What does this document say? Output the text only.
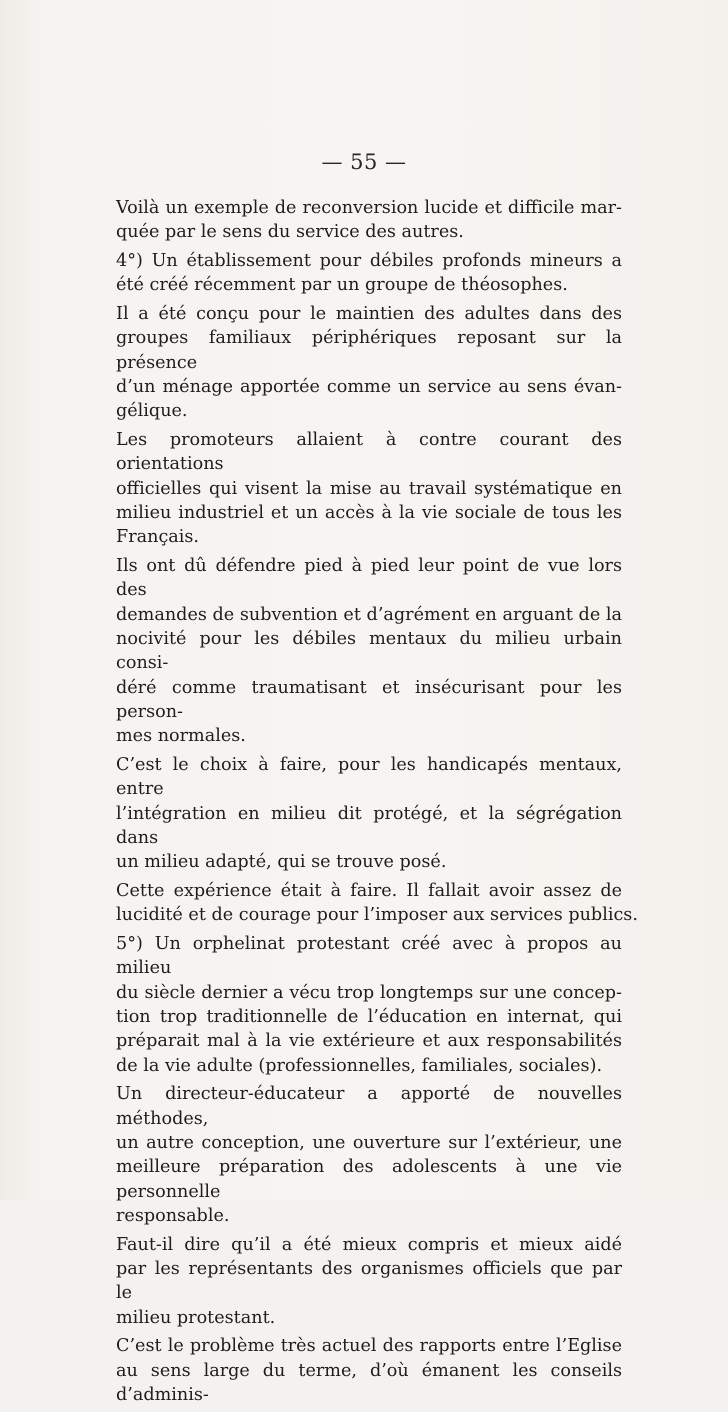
— 55 —

Voilà un exemple de reconversion lucide et difficile mar-
quée par le sens du service des autres.

4°) Un établissement pour débiles profonds mineurs a
été créé récemment par un groupe de théosophes.

Il a été conçu pour le maintien des adultes dans des
groupes familiaux périphériques reposant sur la présence
d’un ménage apportée comme un service au sens évan-
gélique.

Les promoteurs allaient à contre courant des orientations
officielles qui visent la mise au travail systématique en
milieu industriel et un accès à la vie sociale de tous les
Français.

Ils ont dû défendre pied à pied leur point de vue lors des
demandes de subvention et d’agrément en arguant de la
nocivité pour les débiles mentaux du milieu urbain consi-
déré comme traumatisant et insécurisant pour les person-
mes normales.

C’est le choix à faire, pour les handicapés mentaux, entre
l’intégration en milieu dit protégé, et la ségrégation dans
un milieu adapté, qui se trouve posé.

Cette expérience était à faire. Il fallait avoir assez de
lucidité et de courage pour l’imposer aux services publics.

5°) Un orphelinat protestant créé avec à propos au milieu
du siècle dernier a vécu trop longtemps sur une concep-
tion trop traditionnelle de l’éducation en internat, qui
préparait mal à la vie extérieure et aux responsabilités
de la vie adulte (professionnelles, familiales, sociales).

Un directeur-éducateur a apporté de nouvelles méthodes,
un autre conception, une ouverture sur l’extérieur, une
meilleure préparation des adolescents à une vie personnelle
responsable.

Faut-il dire qu’il a été mieux compris et mieux aidé
par les représentants des organismes officiels que par le
milieu protestant.

C’est le problème très actuel des rapports entre l’Eglise
au sens large du terme, d’où émanent les conseils d’adminis-
